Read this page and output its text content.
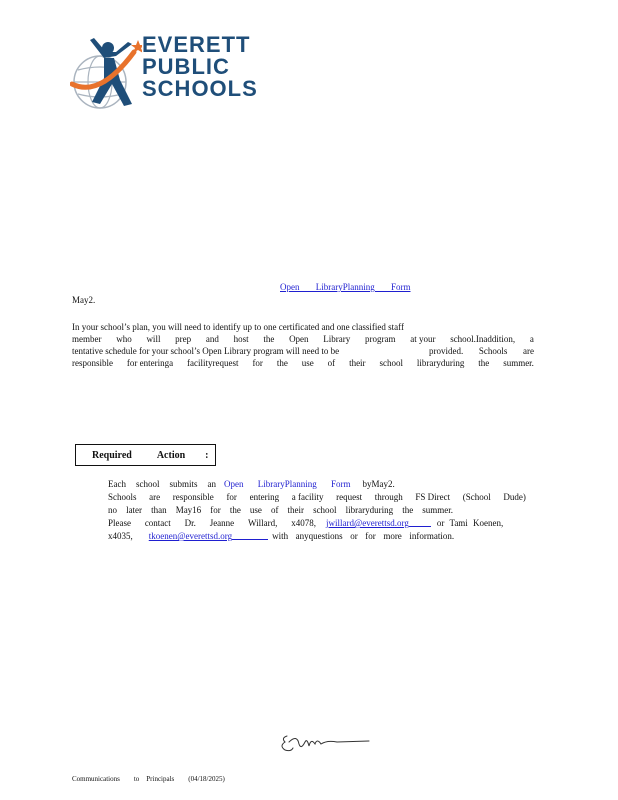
EVERETT
PUBLIC
SCHOOLS
Open LibraryPlanning Form
May2.
In your school’s plan, you will need to identify up to one certificated and one classified staff
member who will prep and host the Open Library program at your school.Inaddition, a
tentative schedule for your school’s Open Library program will need to be	provided. Schools are
responsible for enteringa facilityrequest for the use of their school libraryduring the summer.
Required
	Action
:
Each school submits an Open LibraryPlanning Form byMay2.
Schools are responsible for entering a facility request through FS Direct (School Dude)
no later than May16 for the use of their school libraryduring the summer.
Please contact Dr. Jeanne Willard, x4078, jwillard@everettsd.org	or Tami Koenen,
x4035, tkoenen@everettsd.org	with anyquestions or for more information.
Communications        to    Principals        (04/18/2025)
